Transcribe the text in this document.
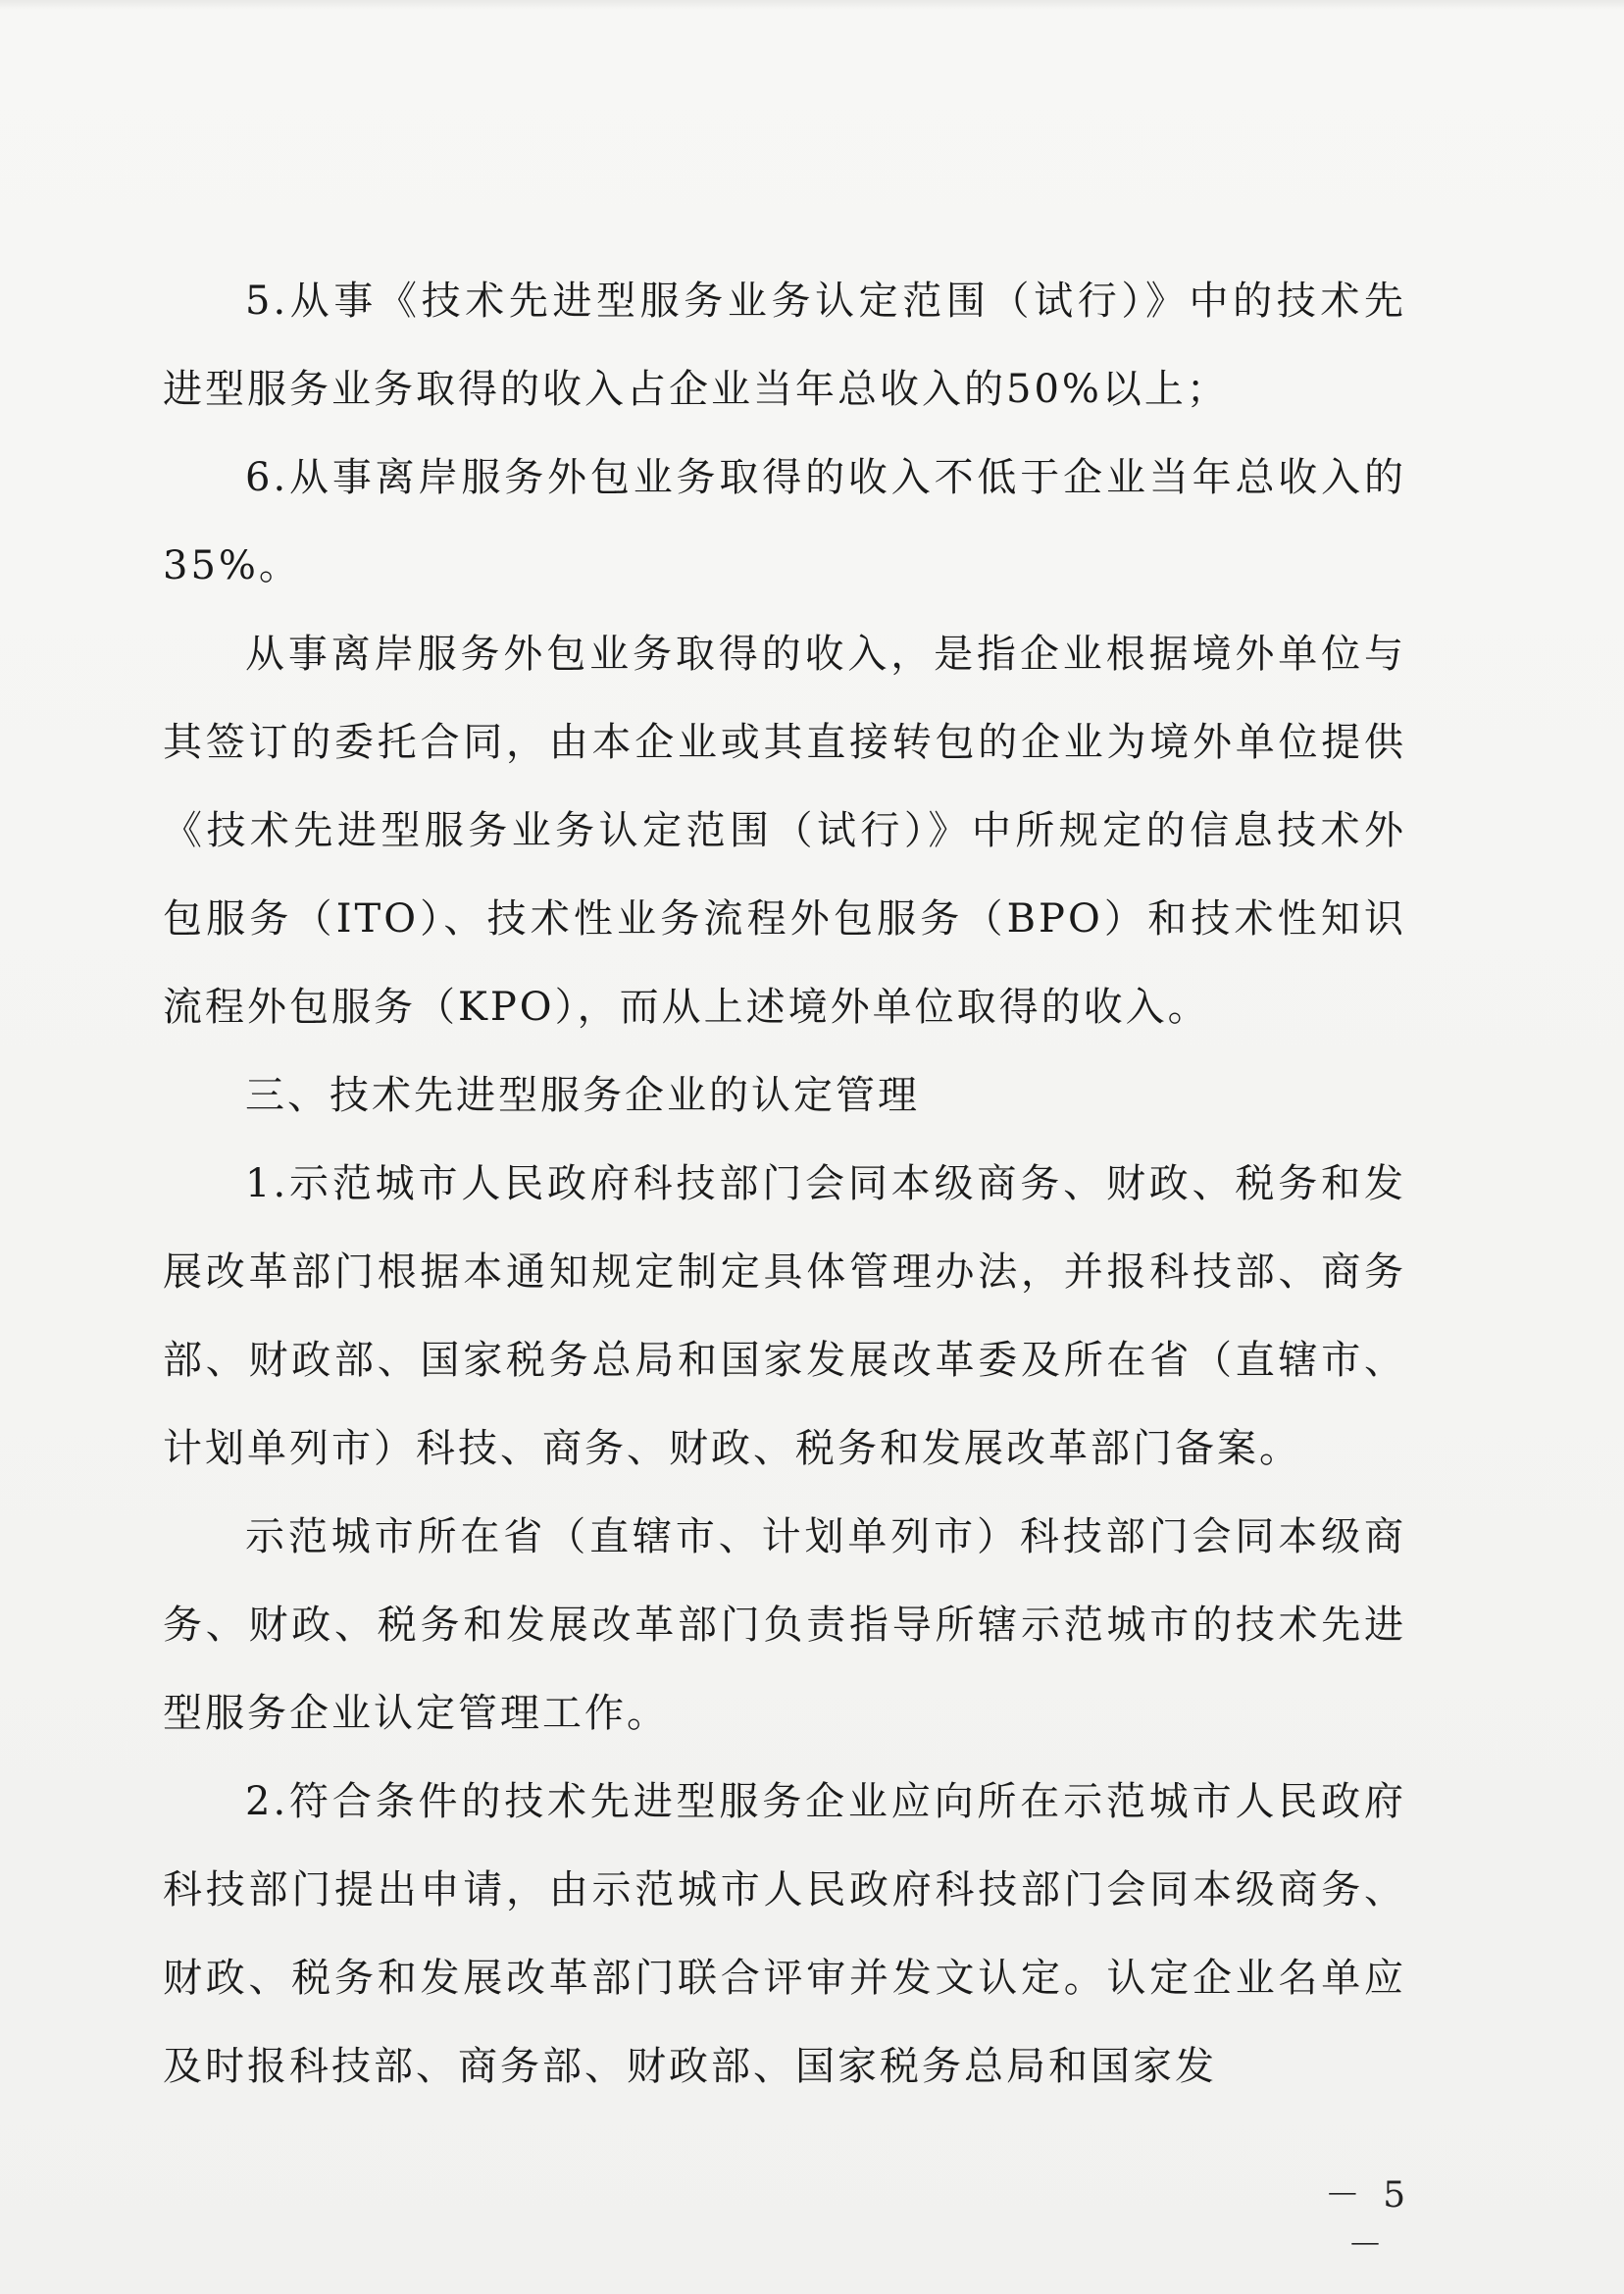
5.从事《技术先进型服务业务认定范围（试行）》中的技术先进型服务业务取得的收入占企业当年总收入的50%以上；

6.从事离岸服务外包业务取得的收入不低于企业当年总收入的35%。

从事离岸服务外包业务取得的收入，是指企业根据境外单位与其签订的委托合同，由本企业或其直接转包的企业为境外单位提供《技术先进型服务业务认定范围（试行）》中所规定的信息技术外包服务（ITO）、技术性业务流程外包服务（BPO）和技术性知识流程外包服务（KPO），而从上述境外单位取得的收入。

三、技术先进型服务企业的认定管理

1.示范城市人民政府科技部门会同本级商务、财政、税务和发展改革部门根据本通知规定制定具体管理办法，并报科技部、商务部、财政部、国家税务总局和国家发展改革委及所在省（直辖市、计划单列市）科技、商务、财政、税务和发展改革部门备案。

示范城市所在省（直辖市、计划单列市）科技部门会同本级商务、财政、税务和发展改革部门负责指导所辖示范城市的技术先进型服务企业认定管理工作。

2.符合条件的技术先进型服务企业应向所在示范城市人民政府科技部门提出申请，由示范城市人民政府科技部门会同本级商务、财政、税务和发展改革部门联合评审并发文认定。认定企业名单应及时报科技部、商务部、财政部、国家税务总局和国家发

－ 5 －
